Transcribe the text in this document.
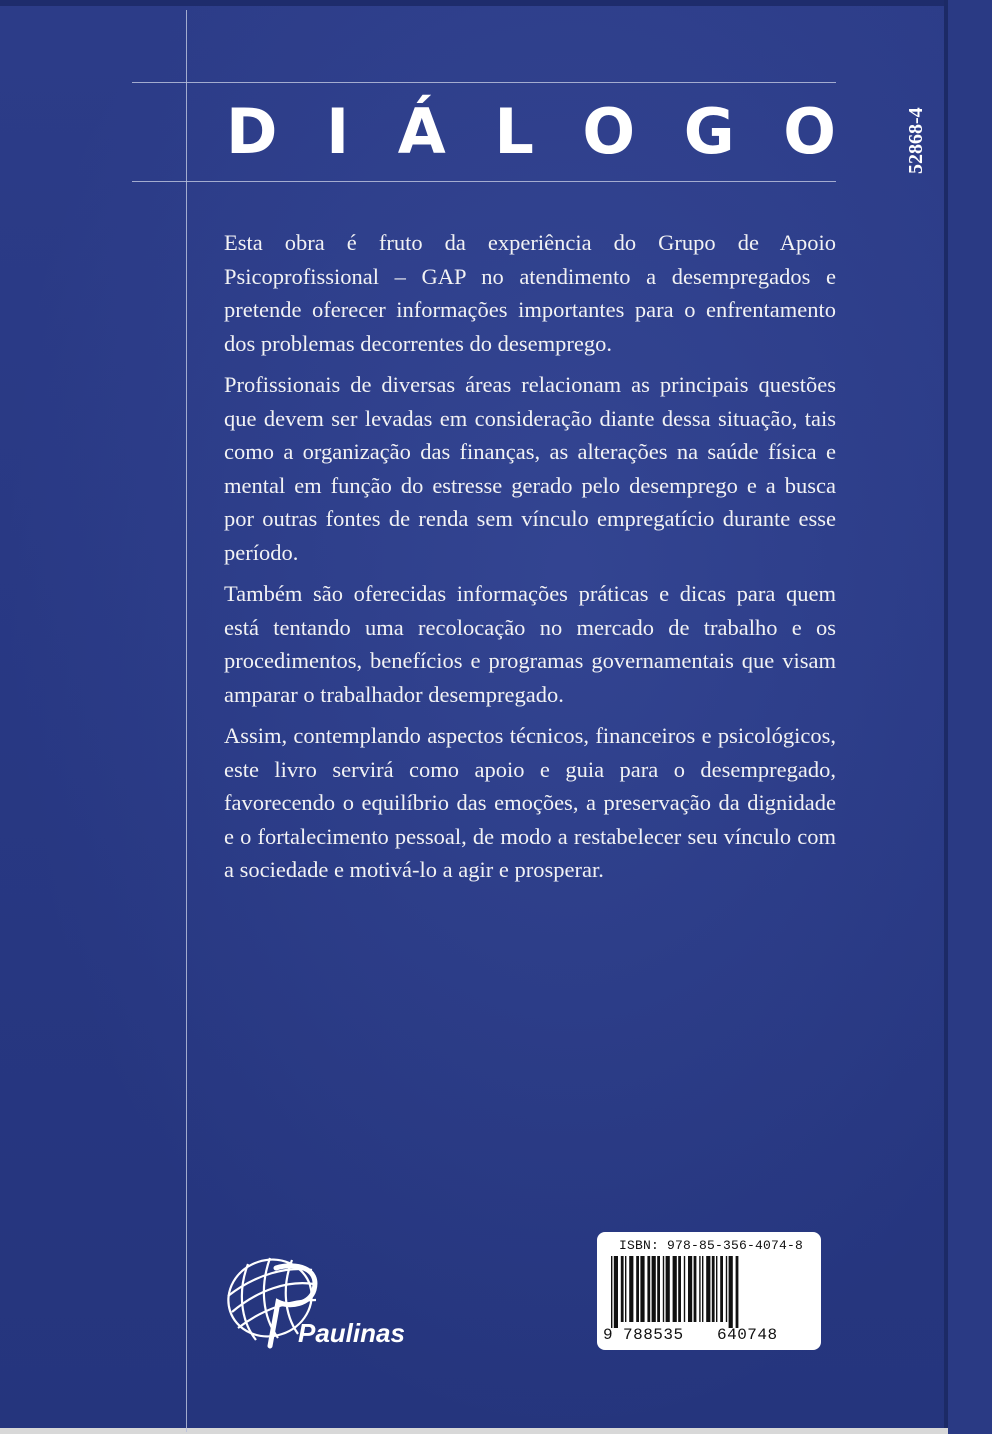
D I Á L O G O	52868-4

Esta obra é fruto da experiência do Grupo de Apoio Psicoprofissional – GAP no atendimento a desempregados e pretende oferecer informações importantes para o enfrentamento dos problemas decorrentes do desemprego.

Profissionais de diversas áreas relacionam as principais questões que devem ser levadas em consideração diante dessa situação, tais como a organização das finanças, as alterações na saúde física e mental em função do estresse gerado pelo desemprego e a busca por outras fontes de renda sem vínculo empregatício durante esse período.

Também são oferecidas informações práticas e dicas para quem está tentando uma recolocação no mercado de trabalho e os procedimentos, benefícios e programas governamentais que visam amparar o trabalhador desempregado.

Assim, contemplando aspectos técnicos, financeiros e psicológicos, este livro servirá como apoio e guia para o desempregado, favorecendo o equilíbrio das emoções, a preservação da dignidade e o fortalecimento pessoal, de modo a restabelecer seu vínculo com a sociedade e motivá-lo a agir e prosperar.

Paulinas
ISBN: 978-85-356-4074-8
9 788535	640748
